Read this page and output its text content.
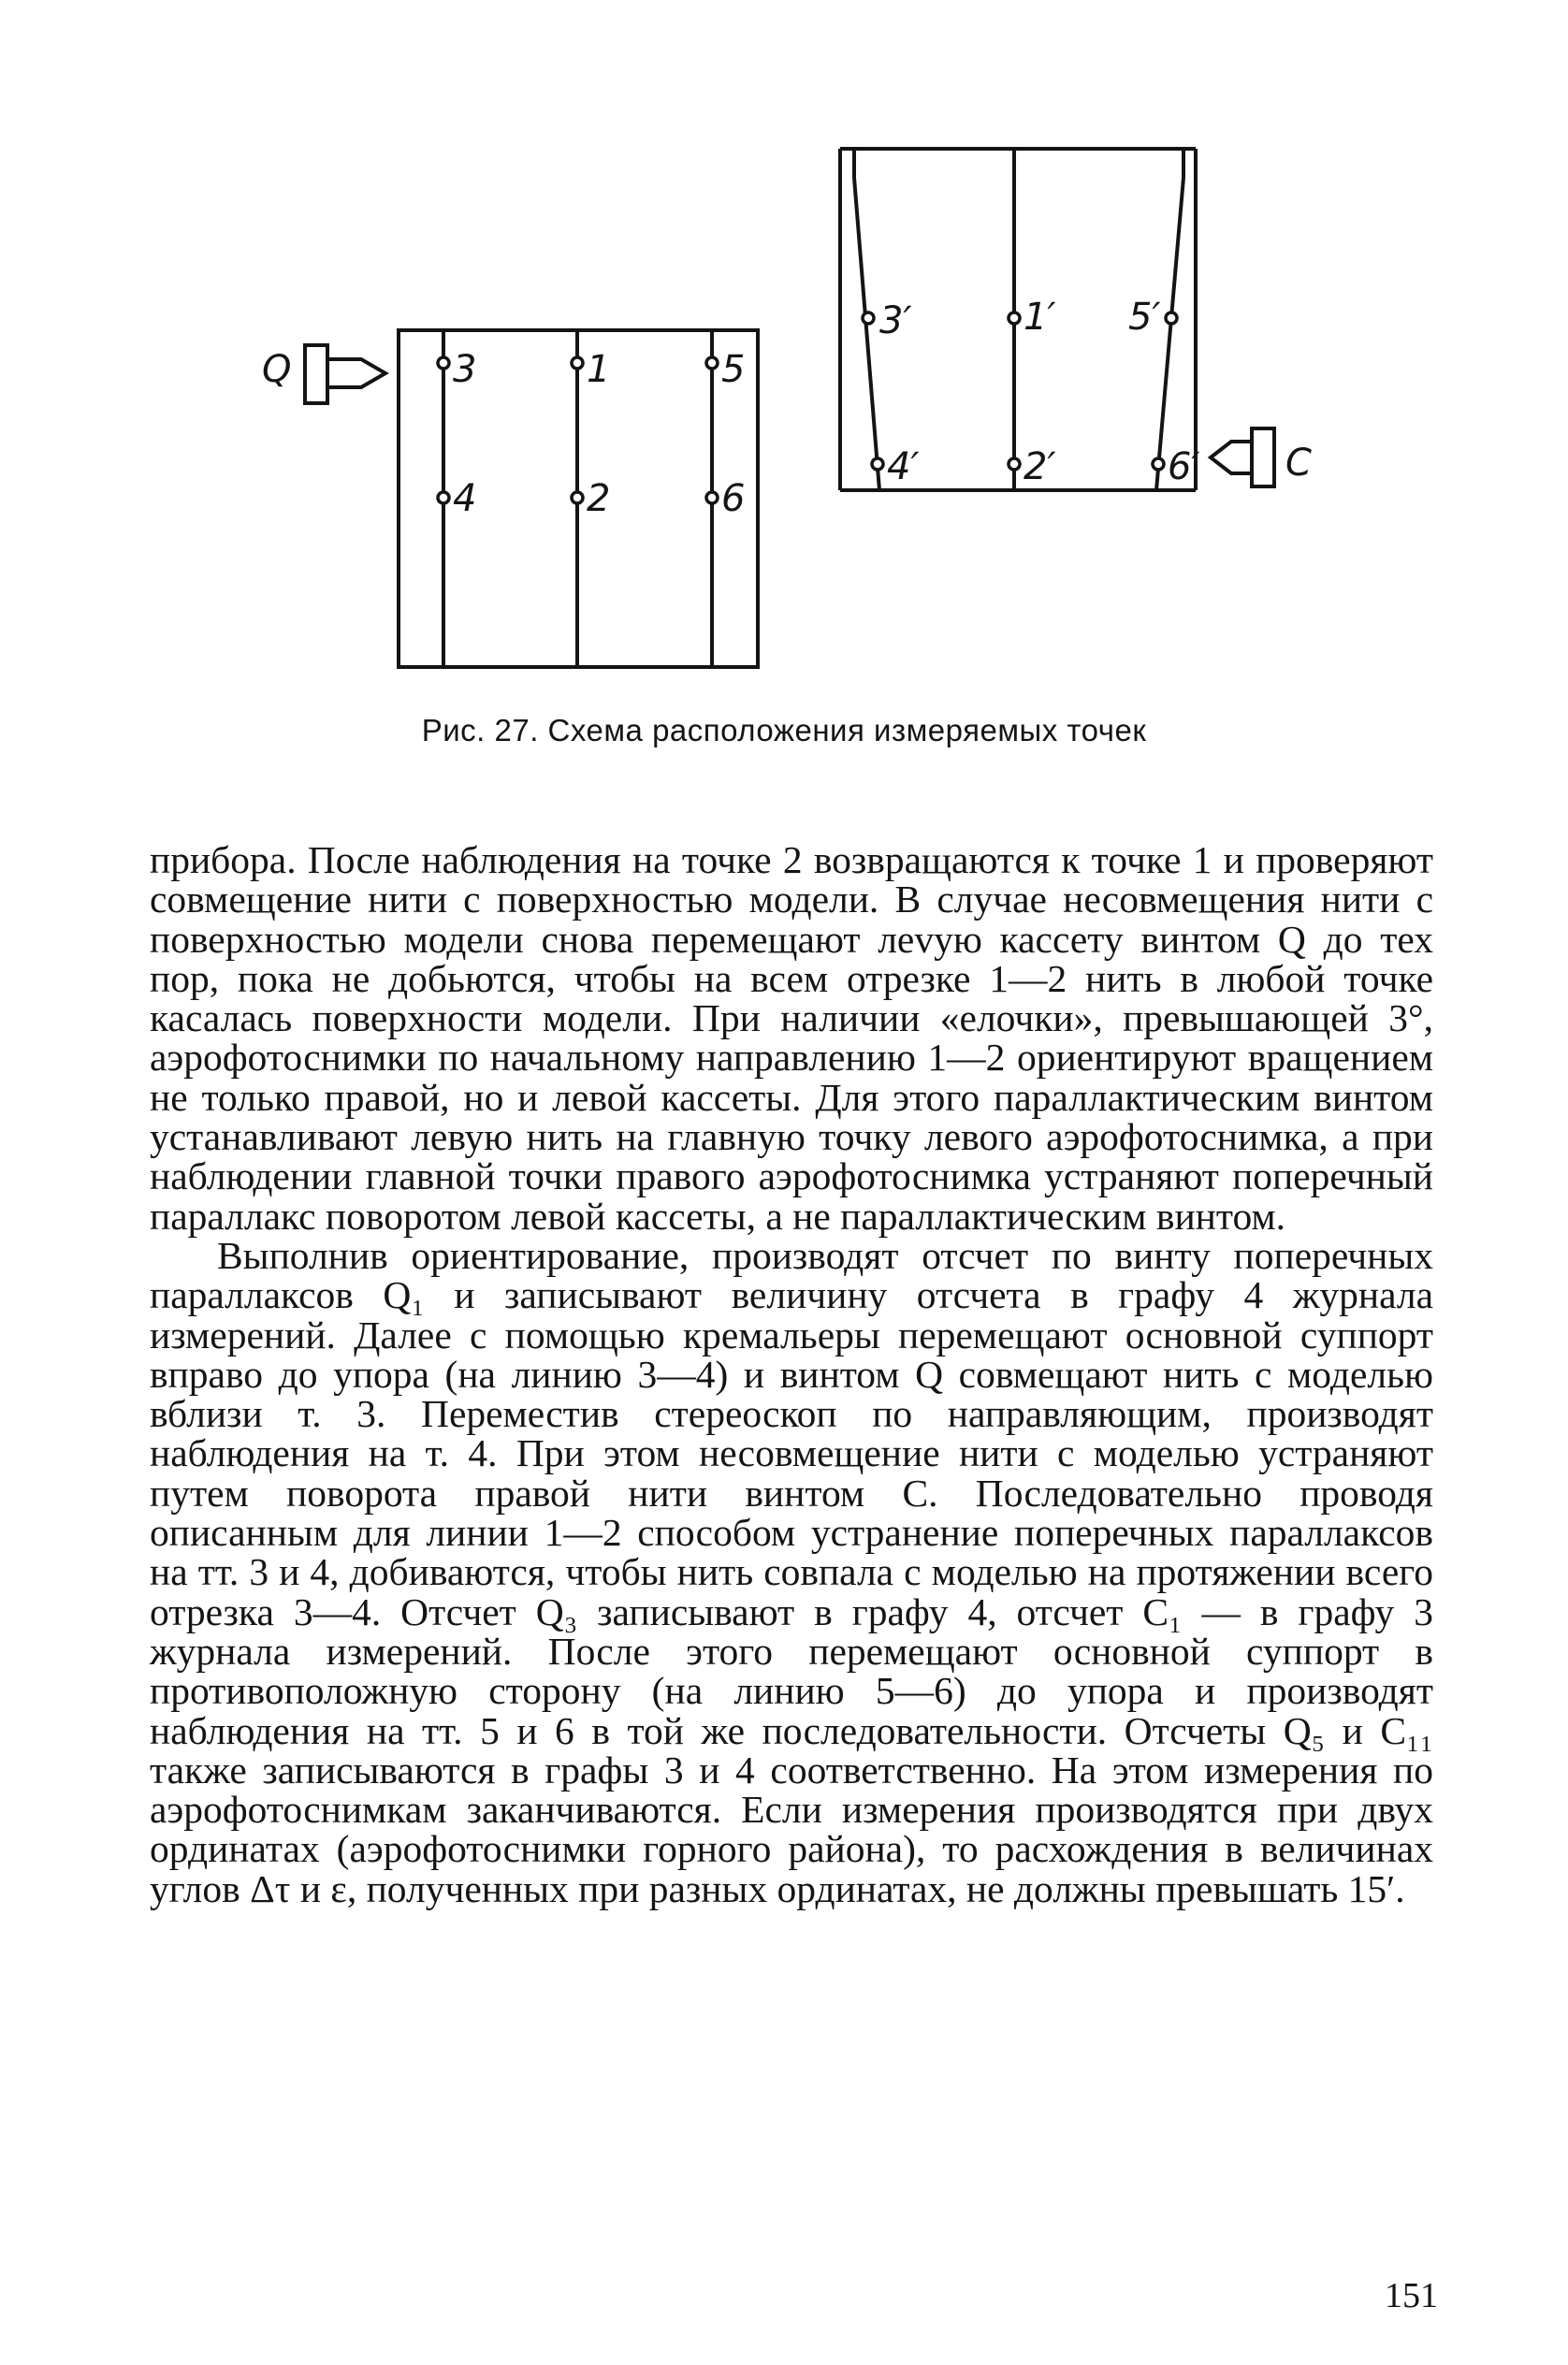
Q
C
3	1	5
4	2	6
3′	1′ 5′
4′	2′	6′
Рис. 27. Схема расположения измеряемых точек

прибора. После наблюдения на точке 2 возвращаются к точке 1 и проверяют совмещение нити с поверхностью модели. В случае несовмещения нити с поверхностью модели снова перемещают леvую кассету винтом Q до тех пор, пока не добьются, чтобы на всем отрезке 1—2 нить в любой точке касалась поверхности модели. При наличии «елочки», превышающей 3°, аэрофотоснимки по начальному направлению 1—2 ориентируют вращением не только правой, но и левой кассеты. Для этого параллактическим винтом устанавливают левую нить на главную точку левого аэрофотоснимка, а при наблюдении главной точки правого аэрофотоснимка устраняют поперечный параллакс поворотом левой кассеты, а не параллактическим винтом.

Выполнив ориентирование, производят отсчет по винту поперечных параллаксов Q₁ и записывают величину отсчета в графу 4 журнала измерений. Далее с помощью кремальеры перемещают основной суппорт вправо до упора (на линию 3—4) и винтом Q совмещают нить с моделью вблизи т. 3. Переместив стереоскоп по направляющим, производят наблюдения на т. 4. При этом несовмещение нити с моделью устраняют путем поворота правой нити винтом C. Последовательно проводя описанным для линии 1—2 способом устранение поперечных параллаксов на тт. 3 и 4, добиваются, чтобы нить совпала с моделью на протяжении всего отрезка 3—4. Отсчет Q₃ записывают в графу 4, отсчет C₁ — в графу 3 журнала измерений. После этого перемещают основной суппорт в противоположную сторону (на линию 5—6) до упора и производят наблюдения на тт. 5 и 6 в той же последовательности. Отсчеты Q₅ и C₁₁ также записываются в графы 3 и 4 соответственно. На этом измерения по аэрофотоснимкам заканчиваются. Если измерения производятся при двух ординатах (аэрофотоснимки горного района), то расхождения в величинах углов Δτ и ε, полученных при разных ординатах, не должны превышать 15′.

151
